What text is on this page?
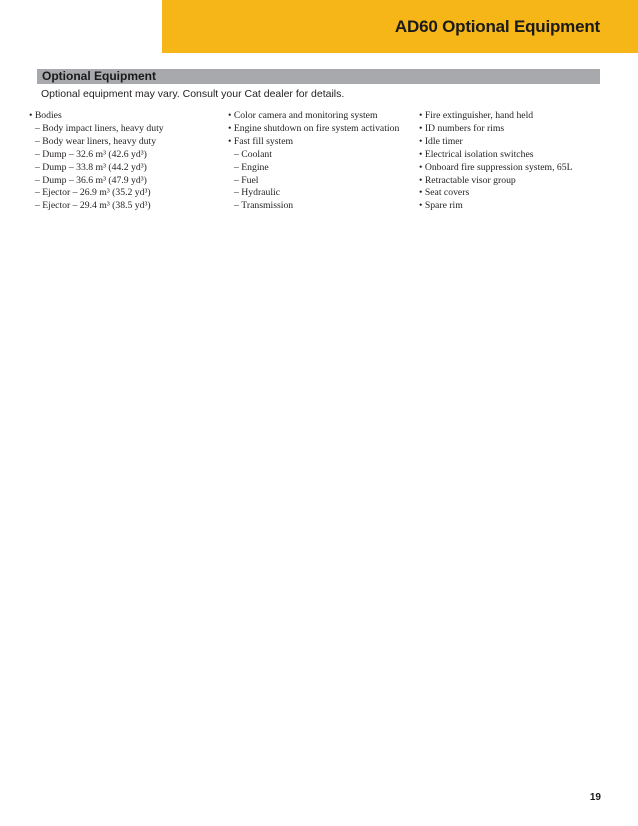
AD60 Optional Equipment
Optional Equipment
Optional equipment may vary. Consult your Cat dealer for details.
• Bodies
– Body impact liners, heavy duty
– Body wear liners, heavy duty
– Dump – 32.6 m³ (42.6 yd³)
– Dump – 33.8 m³ (44.2 yd³)
– Dump – 36.6 m³ (47.9 yd³)
– Ejector – 26.9 m³ (35.2 yd³)
– Ejector – 29.4 m³ (38.5 yd³)
• Color camera and monitoring system
• Engine shutdown on fire system activation
• Fast fill system
– Coolant
– Engine
– Fuel
– Hydraulic
– Transmission
• Fire extinguisher, hand held
• ID numbers for rims
• Idle timer
• Electrical isolation switches
• Onboard fire suppression system, 65L
• Retractable visor group
• Seat covers
• Spare rim
19
